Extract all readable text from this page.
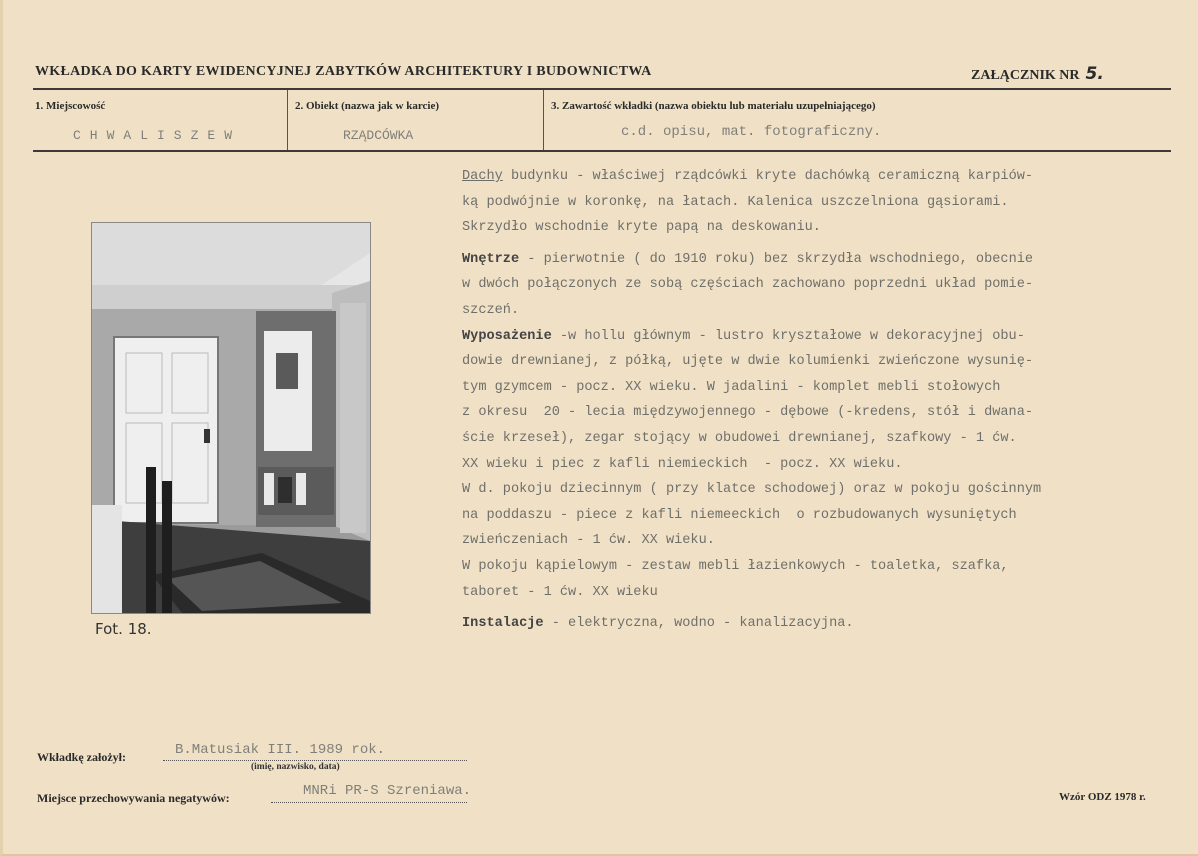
WKŁADKA DO KARTY EWIDENCYJNEJ ZABYTKÓW ARCHITEKTURY I BUDOWNICTWA	ZAŁĄCZNIK NR 5.
1. Miejscowość
CHWALISZEW
2. Obiekt (nazwa jak w karcie)
RZĄDCÓWKA
3. Zawartość wkładki (nazwa obiektu lub materiału uzupełniającego)
c.d. opisu, mat. fotograficzny.
Fot. 18.

Dachy budynku - właściwej rządcówki kryte dachówką ceramiczną karpiów-

ką podwójnie w koronkę, na łatach. Kalenica uszczelniona gąsiorami.

Skrzydło wschodnie kryte papą na deskowaniu.

Wnętrze - pierwotnie ( do 1910 roku) bez skrzydła wschodniego, obecnie

w dwóch połączonych ze sobą częściach zachowano poprzedni układ pomie-

szczeń.

Wyposażenie -w hollu głównym - lustro kryształowe w dekoracyjnej obu-

dowie drewnianej, z półką, ujęte w dwie kolumienki zwieńczone wysunię-

tym gzymcem - pocz. XX wieku. W jadalini - komplet mebli stołowych

z okresu  20 - lecia międzywojennego - dębowe (-kredens, stół i dwana-

ście krzeseł), zegar stojący w obudowei drewnianej, szafkowy - 1 ćw.

XX wieku i piec z kafli niemieckich  - pocz. XX wieku.

W d. pokoju dziecinnym ( przy klatce schodowej) oraz w pokoju gościnnym

na poddaszu - piece z kafli niemeeckich  o rozbudowanych wysuniętych

zwieńczeniach - 1 ćw. XX wieku.

W pokoju kąpielowym - zestaw mebli łazienkowych - toaletka, szafka,

taboret - 1 ćw. XX wieku

Instalacje - elektryczna, wodno - kanalizacyjna.

Wkładkę założył:	B.Matusiak III. 1989 rok.
(imię, nazwisko, data)
Miejsce przechowywania negatywów:	MNRi PR-S Szreniawa.	Wzór ODZ 1978 r.
